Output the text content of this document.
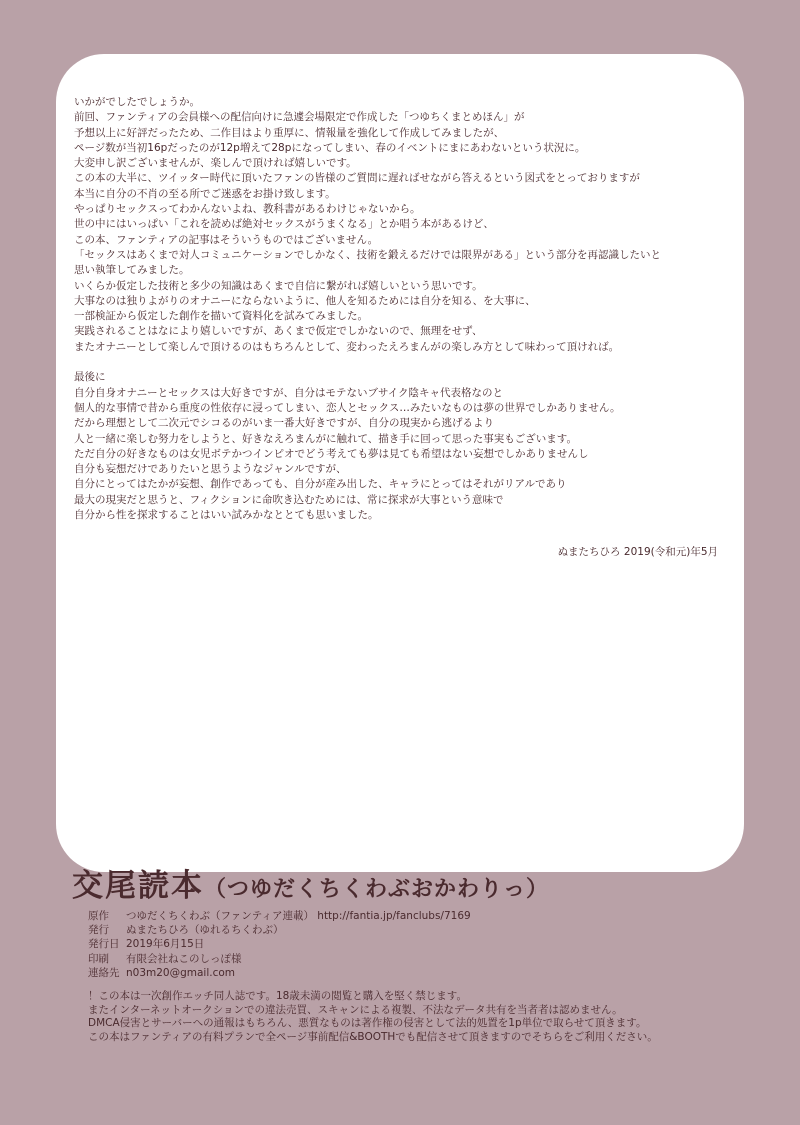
いかがでしたでしょうか。
前回、ファンティアの会員様への配信向けに急遽会場限定で作成した「つゆちくまとめほん」が
予想以上に好評だったため、二作目はより重厚に、情報量を強化して作成してみましたが、
ページ数が当初16pだったのが12p増えて28pになってしまい、春のイベントにまにあわないという状況に。
大変申し訳ございませんが、楽しんで頂ければ嬉しいです。
この本の大半に、ツイッター時代に頂いたファンの皆様のご質問に遅ればせながら答えるという図式をとっておりますが
本当に自分の不肖の至る所でご迷惑をお掛け致します。
やっぱりセックスってわかんないよね、教科書があるわけじゃないから。
世の中にはいっぱい「これを読めば絶対セックスがうまくなる」とか唱う本があるけど、
この本、ファンティアの記事はそういうものではございません。
「セックスはあくまで対人コミュニケーションでしかなく、技術を鍛えるだけでは限界がある」という部分を再認識したいと
思い執筆してみました。
いくらか仮定した技術と多少の知識はあくまで自信に繋がれば嬉しいという思いです。
大事なのは独りよがりのオナニーにならないように、他人を知るためには自分を知る、を大事に、
一部検証から仮定した創作を描いて資料化を試みてみました。
実践されることはなにより嬉しいですが、あくまで仮定でしかないので、無理をせず、
またオナニーとして楽しんで頂けるのはもちろんとして、変わったえろまんがの楽しみ方として味わって頂ければ。
最後に
自分自身オナニーとセックスは大好きですが、自分はモテないブサイク陰キャ代表格なのと
個人的な事情で昔から重度の性依存に浸ってしまい、恋人とセックス…みたいなものは夢の世界でしかありません。
だから理想として二次元でシコるのがいま一番大好きですが、自分の現実から逃げるより
人と一緒に楽しむ努力をしようと、好きなえろまんがに触れて、描き手に回って思った事実もございます。
ただ自分の好きなものは女児ボテかつインピオでどう考えても夢は見ても希望はない妄想でしかありませんし
自分も妄想だけでありたいと思うようなジャンルですが、
自分にとってはたかが妄想、創作であっても、自分が産み出した、キャラにとってはそれがリアルであり
最大の現実だと思うと、フィクションに命吹き込むためには、常に探求が大事という意味で
自分から性を探求することはいい試みかなととても思いました。
ぬまたちひろ 2019(令和元)年5月
交尾読本（つゆだくちくわぶおかわりっ）
原作 つゆだくちくわぶ（ファンティア連載） http://fantia.jp/fanclubs/7169
発行 ぬまたちひろ（ゆれるちくわぶ）
発行日 2019年6月15日
印刷 有限会社ねこのしっぽ様
連絡先 n03m20@gmail.com
！この本は一次創作エッチ同人誌です。18歳未満の閲覧と購入を堅く禁じます。
またインターネットオークションでの違法売買、スキャンによる複製、不法なデータ共有を当者者は認めません。
DMCA侵害とサーバーへの通報はもちろん、悪質なものは著作権の侵害として法的処置を1p単位で取らせて頂きます。
この本はファンティアの有料プランで全ページ事前配信&BOOTHでも配信させて頂きますのでそちらをご利用ください。
